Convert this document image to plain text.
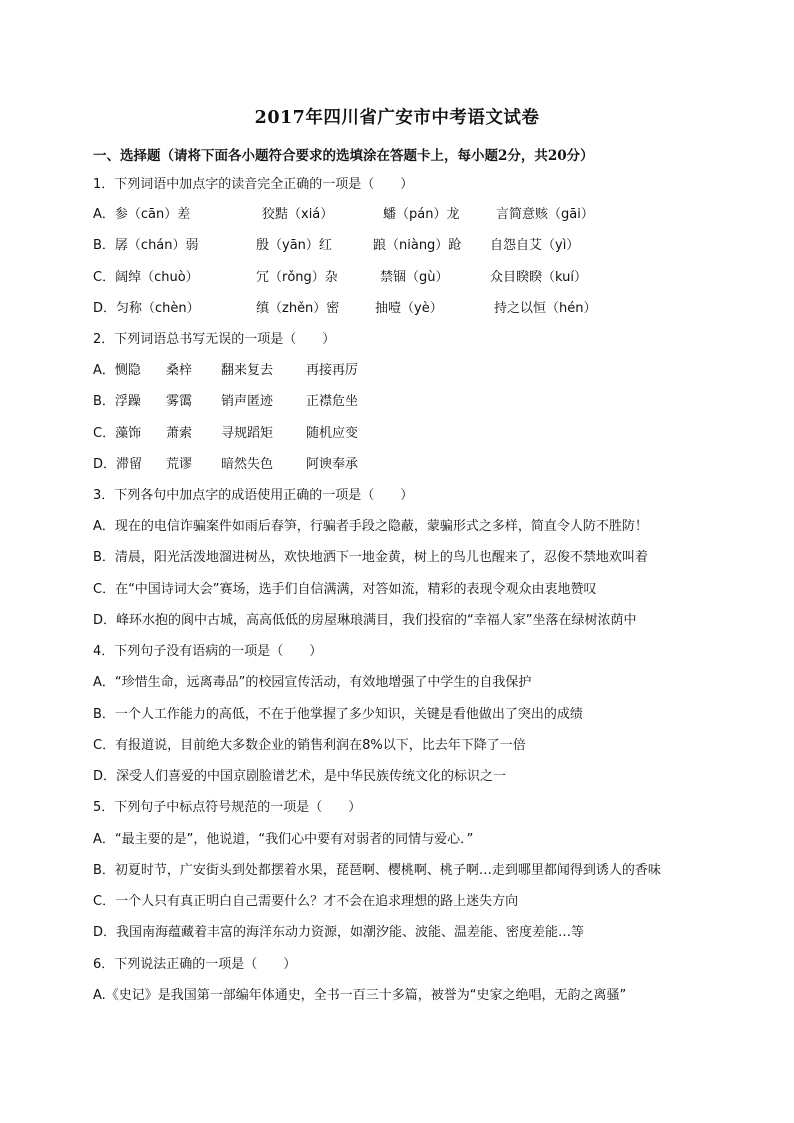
2017年四川省广安市中考语文试卷
一、选择题（请将下面各小题符合要求的选填涂在答题卡上，每小题2分，共20分）
1．下列词语中加点字的读音完全正确的一项是（　　）
A．参（cān）差	狡黠（xiá）	蟠（pán）龙	言简意赅（gāi）
B．孱（chán）弱	殷（yān）红	踉（niàng）跄 自怨自艾（yì）
C．阔绰（chuò）	冗（rǒng）杂	禁锢（gù）	众目睽睽（kuí）
D．匀称（chèn）	缜（zhěn）密	抽噎（yè）	持之以恒（hén）
2．下列词语总书写无误的一项是（　　）
A．恻隐 桑梓 翻来复去	再接再厉
B．浮躁 雾霭 销声匿迹	正襟危坐
C．藻饰 萧索 寻规蹈矩	随机应变
D．滞留 荒谬 暗然失色	阿谀奉承
3．下列各句中加点字的成语使用正确的一项是（　　）
A．现在的电信诈骗案件如雨后春笋，行骗者手段之隐蔽，蒙骗形式之多样，简直令人防不胜防！
B．清晨，阳光活泼地溜进树丛，欢快地洒下一地金黄，树上的鸟儿也醒来了，忍俊不禁地欢叫着
C．在“中国诗词大会”赛场，选手们自信满满，对答如流，精彩的表现令观众由衷地赞叹
D．峰环水抱的阆中古城，高高低低的房屋琳琅满目，我们投宿的“幸福人家”坐落在绿树浓荫中
4．下列句子没有语病的一项是（　　）
A．“珍惜生命，远离毒品”的校园宣传活动，有效地增强了中学生的自我保护
B．一个人工作能力的高低，不在于他掌握了多少知识，关键是看他做出了突出的成绩
C．有报道说，目前绝大多数企业的销售利润在8%以下，比去年下降了一倍
D．深受人们喜爱的中国京剧脸谱艺术，是中华民族传统文化的标识之一
5．下列句子中标点符号规范的一项是（　　）
A．“最主要的是”，他说道，“我们心中要有对弱者的同情与爱心．”
B．初夏时节，广安街头到处都摆着水果，琵琶啊、樱桃啊、桃子啊…走到哪里都闻得到诱人的香味
C．一个人只有真正明白自己需要什么？才不会在追求理想的路上迷失方向
D．我国南海蕴藏着丰富的海洋东动力资源，如潮汐能、波能、温差能、密度差能…等
6．下列说法正确的一项是（　　）
A.《史记》是我国第一部编年体通史，全书一百三十多篇，被誉为“史家之绝唱，无韵之离骚”
